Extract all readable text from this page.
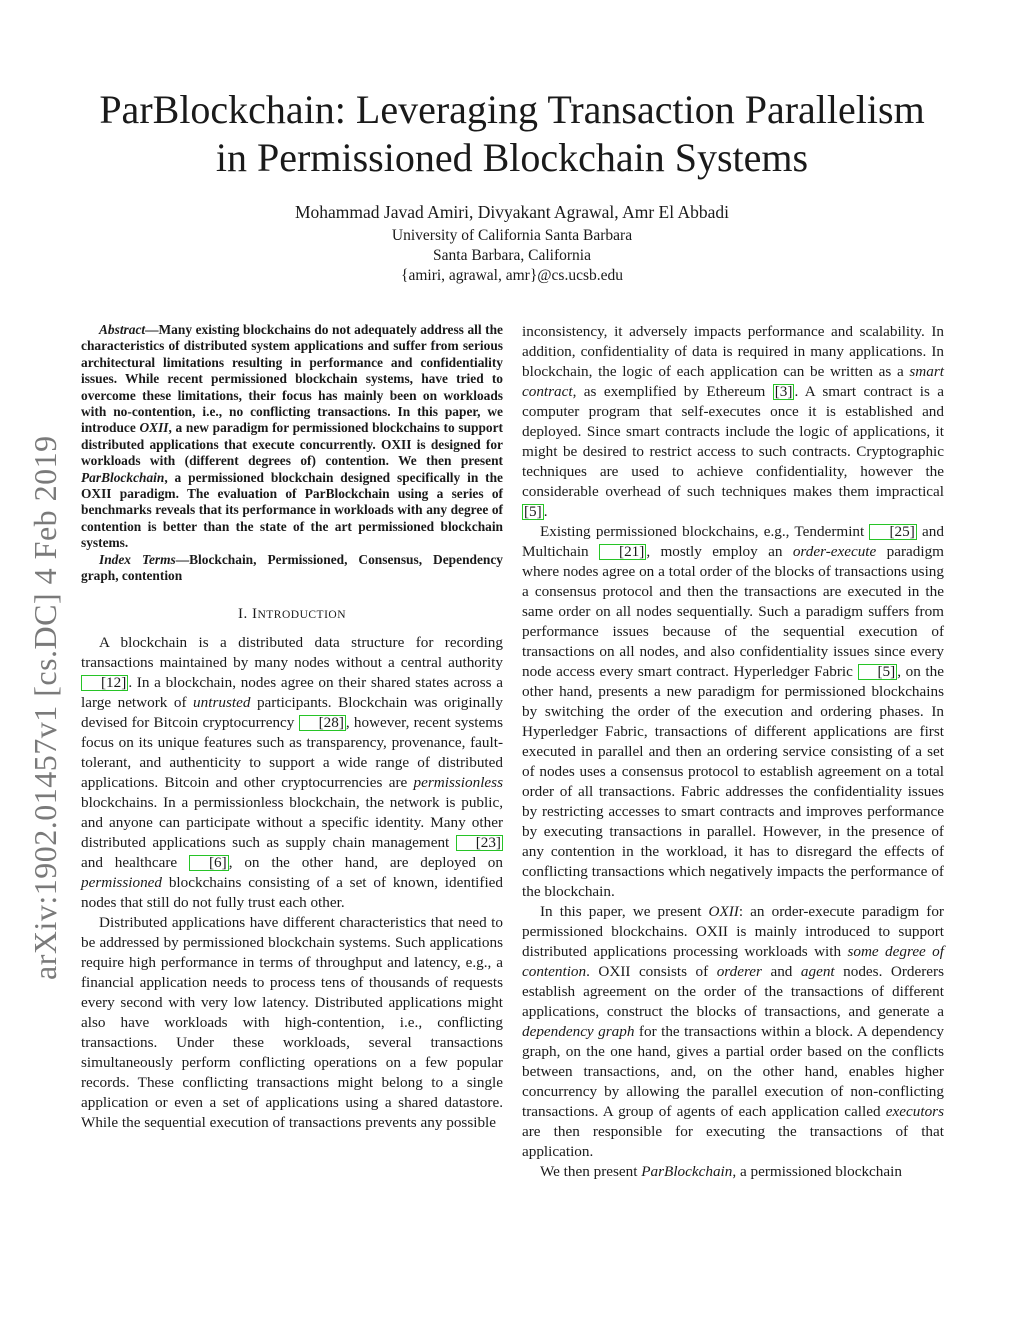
ParBlockchain: Leveraging Transaction Parallelism
in Permissioned Blockchain Systems
Mohammad Javad Amiri, Divyakant Agrawal, Amr El Abbadi
University of California Santa Barbara
Santa Barbara, California
{amiri, agrawal, amr}@cs.ucsb.edu
arXiv:1902.01457v1 [cs.DC] 4 Feb 2019

Abstract—Many existing blockchains do not adequately address all the characteristics of distributed system applications and suffer from serious architectural limitations resulting in performance and confidentiality issues. While recent permissioned blockchain systems, have tried to overcome these limitations, their focus has mainly been on workloads with no-contention, i.e., no conflicting transactions. In this paper, we introduce OXII, a new paradigm for permissioned blockchains to support distributed applications that execute concurrently. OXII is designed for workloads with (different degrees of) contention. We then present ParBlockchain, a permissioned blockchain designed specifically in the OXII paradigm. The evaluation of ParBlockchain using a series of benchmarks reveals that its performance in workloads with any degree of contention is better than the state of the art permissioned blockchain systems.

Index Terms—Blockchain, Permissioned, Consensus, Dependency graph, contention

I. INTRODUCTION

A blockchain is a distributed data structure for recording transactions maintained by many nodes without a central authority [12] . In a blockchain, nodes agree on their shared states across a large network of untrusted participants. Blockchain was originally devised for Bitcoin cryptocurrency [28] , however, recent systems focus on its unique features such as transparency, provenance, fault-tolerant, and authenticity to support a wide range of distributed applications. Bitcoin and other cryptocurrencies are permissionless blockchains. In a permissionless blockchain, the network is public, and anyone can participate without a specific identity. Many other distributed applications such as supply chain management [23] and healthcare [6] , on the other hand, are deployed on permissioned blockchains consisting of a set of known, identified nodes that still do not fully trust each other.

Distributed applications have different characteristics that need to be addressed by permissioned blockchain systems. Such applications require high performance in terms of throughput and latency, e.g., a financial application needs to process tens of thousands of requests every second with very low latency. Distributed applications might also have workloads with high-contention, i.e., conflicting transactions. Under these workloads, several transactions simultaneously perform conflicting operations on a few popular records. These conflicting transactions might belong to a single application or even a set of applications using a shared datastore. While the sequential execution of transactions prevents any possible

inconsistency, it adversely impacts performance and scalability. In addition, confidentiality of data is required in many applications. In blockchain, the logic of each application can be written as a smart contract, as exemplified by Ethereum [3] . A smart contract is a computer program that self-executes once it is established and deployed. Since smart contracts include the logic of applications, it might be desired to restrict access to such contracts. Cryptographic techniques are used to achieve confidentiality, however the considerable overhead of such techniques makes them impractical [5] .

Existing permissioned blockchains, e.g., Tendermint [25] and Multichain [21] , mostly employ an order-execute paradigm where nodes agree on a total order of the blocks of transactions using a consensus protocol and then the transactions are executed in the same order on all nodes sequentially. Such a paradigm suffers from performance issues because of the sequential execution of transactions on all nodes, and also confidentiality issues since every node access every smart contract. Hyperledger Fabric [5] , on the other hand, presents a new paradigm for permissioned blockchains by switching the order of the execution and ordering phases. In Hyperledger Fabric, transactions of different applications are first executed in parallel and then an ordering service consisting of a set of nodes uses a consensus protocol to establish agreement on a total order of all transactions. Fabric addresses the confidentiality issues by restricting accesses to smart contracts and improves performance by executing transactions in parallel. However, in the presence of any contention in the workload, it has to disregard the effects of conflicting transactions which negatively impacts the performance of the blockchain.

In this paper, we present OXII: an order-execute paradigm for permissioned blockchains. OXII is mainly introduced to support distributed applications processing workloads with some degree of contention. OXII consists of orderer and agent nodes. Orderers establish agreement on the order of the transactions of different applications, construct the blocks of transactions, and generate a dependency graph for the transactions within a block. A dependency graph, on the one hand, gives a partial order based on the conflicts between transactions, and, on the other hand, enables higher concurrency by allowing the parallel execution of non-conflicting transactions. A group of agents of each application called executors are then responsible for executing the transactions of that application.

We then present ParBlockchain, a permissioned blockchain
